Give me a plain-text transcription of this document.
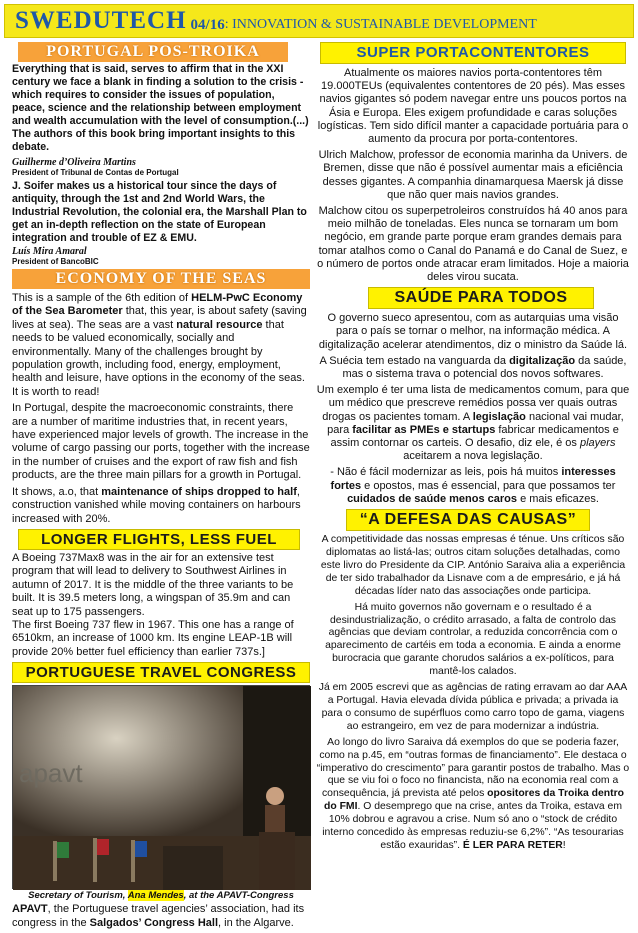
SWEDUTECH 04/16 : INNOVATION & SUSTAINABLE DEVELOPMENT
PORTUGAL POS-TROIKA

Everything that is said, serves to affirm that in the XXI century we face a blank in finding a solution to the crisis - which requires to consider the issues of population, peace, science and the relationship between employment and wealth accumulation with the level of consumption.(...) The authors of this book bring important insights to this debate.

Guilherme d’Oliveira Martins
President of Tribunal de Contas de Portugal

J. Soifer makes us a historical tour since the days of antiquity, through the 1st and 2nd World Wars, the Industrial Revolution, the colonial era, the Marshall Plan to get an in-depth reflection on the state of European integration and trouble of EZ & EMU.

Luís Mira Amaral
President of BancoBIC
ECONOMY OF THE SEAS

This is a sample of the 6th edition of HELM-PwC Economy of the Sea Barometer that, this year, is about safety (saving lives at sea). The seas are a vast natural resource that needs to be valued economically, socially and environmentally. Many of the challenges brought by population growth, including food, energy, employment, health and leisure, have options in the economy of the seas. It is worth to read!

In Portugal, despite the macroeconomic constraints, there are a number of maritime industries that, in recent years, have experienced major levels of growth. The increase in the volume of cargo passing our ports, together with the increase in the number of cruises and the export of raw fish and fish products, are the three main pillars for a growth in Portugal.

It shows, a.o, that maintenance of ships dropped to half, construction vanished while moving containers on harbours increased with 20%.

LONGER FLIGHTS, LESS FUEL

A Boeing 737Max8 was in the air for an extensive test program that will lead to delivery to Southwest Airlines in autumn of 2017. It is the middle of the three variants to be built. It is 39.5 meters long, a wingspan of 35.9m and can seat up to 175 passengers.

The first Boeing 737 flew in 1967. This one has a range of 6510km, an increase of 1000 km. Its engine LEAP-1B will provide 20% better fuel efficiency than earlier 737s.]

PORTUGUESE TRAVEL CONGRESS
apavt
Secretary of Tourism, Ana Mendes, at the APAVT-Congress

APAVT, the Portuguese travel agencies’ association, had its congress in the Salgados’ Congress Hall, in the Algarve.

SUPER PORTACONTENTORES

Atualmente os maiores navios porta-contentores têm 19.000TEUs (equivalentes contentores de 20 pés). Mas esses navios gigantes só podem navegar entre uns poucos portos na Ásia e Europa. Eles exigem profundidade e caras soluções logísticas. Tem sido difícil manter a capacidade portuária para o aumento da procura por porta-contentores.

Ulrich Malchow, professor de economia marinha da Univers. de Bremen, disse que não é possível aumentar mais a eficiência desses gigantes. A companhia dinamarquesa Maersk já disse que não quer mais navios grandes.

Malchow citou os superpetroleiros construídos há 40 anos para meio milhão de toneladas. Eles nunca se tornaram um bom negócio, em grande parte porque eram grandes demais para tomar atalhos como o Canal do Panamá e do Canal de Suez, e o número de portos onde atracar eram limitados. Hoje a maioria deles virou sucata.

SAÚDE PARA TODOS

O governo sueco apresentou, com as autarquias uma visão para o país se tornar o melhor, na informação médica. A digitalização acelerar atendimentos, diz o ministro da Saúde lá.

A Suécia tem estado na vanguarda da digitalização da saúde, mas o sistema trava o potencial dos novos softwares.

Um exemplo é ter uma lista de medicamentos comum, para que um médico que prescreve remédios possa ver quais outras drogas os pacientes tomam. A legislação nacional vai mudar, para facilitar as PMEs e startups fabricar medicamentos e assim contornar os carteis. O desafio, diz ele, é os players aceitarem a nova legislação.

- Não é fácil modernizar as leis, pois há muitos interesses fortes e opostos, mas é essencial, para que possamos ter cuidados de saúde menos caros e mais eficazes.

“A DEFESA DAS CAUSAS”

A competitividade das nossas empresas é ténue. Uns críticos são diplomatas ao listá-las; outros citam soluções detalhadas, como este livro do Presidente da CIP. António Saraiva alia a experiência de ter sido trabalhador da Lisnave com a de empresário, e já há décadas líder nato das associações onde participa.

Há muito governos não governam e o resultado é a desindustrialização, o crédito arrasado, a falta de controlo das agências que deviam controlar, a reduzida concorrência com o aparecimento de cartéis em toda a economia. E ainda a enorme burocracia que garante chorudos salários a ex-políticos, para mantê-los calados.

Já em 2005 escrevi que as agências de rating erravam ao dar AAA a Portugal. Havia elevada dívida pública e privada; a privada ia para o consumo de supérfluos como carro topo de gama, viagens ao estrangeiro, em vez de para modernizar a indústria.

Ao longo do livro Saraiva dá exemplos do que se poderia fazer, como na p.45, em “outras formas de financiamento”. Ele destaca o “imperativo do crescimento” para garantir postos de trabalho. Mas o que se viu foi o foco no financista, não na economia real com a consequência, já prevista até pelos opositores da Troika dentro do FMI. O desemprego que na crise, antes da Troika, estava em 10% dobrou e agravou a crise. Num só ano o “stock de crédito interno concedido às empresas reduziu-se 6,2%”. “As tesourarias estão exauridas”. É LER PARA RETER!
